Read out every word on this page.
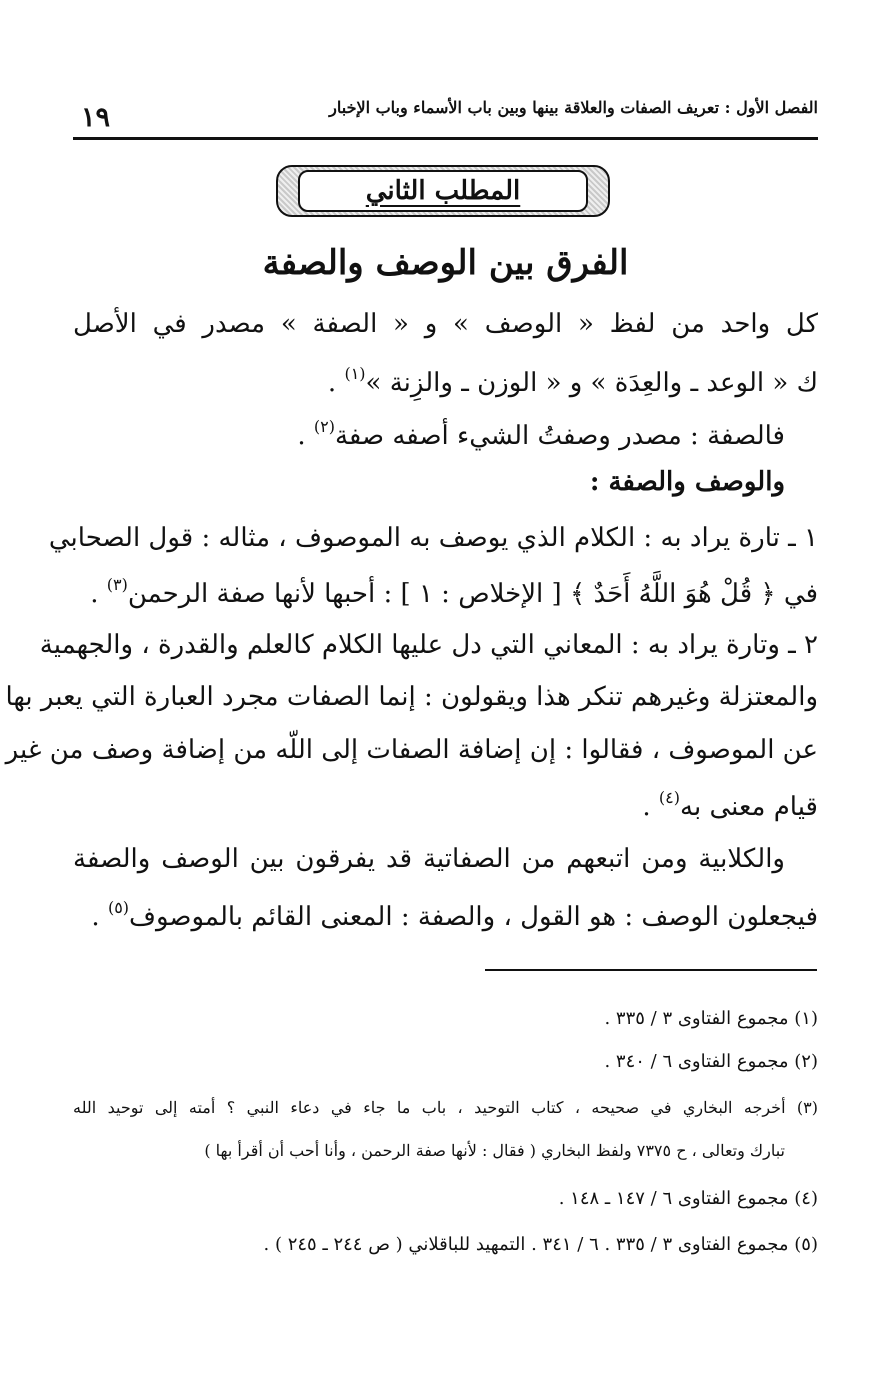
١٩	الفصل الأول : تعريف الصفات والعلاقة بينها وبين باب الأسماء وباب الإخبار
المطلب الثاني
الفرق بين الوصف والصفة
كل واحد من لفظ « الوصف » و « الصفة » مصدر في الأصل
ك « الوعد ـ والعِدَة » و « الوزن ـ والزِنة »$^{(١)}$ .
فالصفة : مصدر وصفتُ الشيء أصفه صفة$^{(٢)}$ .
والوصف والصفة :
١ ـ تارة يراد به : الكلام الذي يوصف به الموصوف ، مثاله : قول الصحابي
في ﴿ قُلْ هُوَ اللَّهُ أَحَدٌ ﴾ [ الإخلاص : ١ ] : أحبها لأنها صفة الرحمن$^{(٣)}$ .
٢ ـ وتارة يراد به : المعاني التي دل عليها الكلام كالعلم والقدرة ، والجهمية
والمعتزلة وغيرهم تنكر هذا ويقولون : إنما الصفات مجرد العبارة التي يعبر بها
عن الموصوف ، فقالوا : إن إضافة الصفات إلى اللّه من إضافة وصف من غير
قيام معنى به$^{(٤)}$ .
والكلابية ومن اتبعهم من الصفاتية قد يفرقون بين الوصف والصفة
فيجعلون الوصف : هو القول ، والصفة : المعنى القائم بالموصوف$^{(٥)}$ .
(١) مجموع الفتاوى ٣ / ٣٣٥ .
(٢) مجموع الفتاوى ٦ / ٣٤٠ .
(٣) أخرجه البخاري في صحيحه ، كتاب التوحيد ، باب ما جاء في دعاء النبي ؟ أمته إلى توحيد الله
تبارك وتعالى ، ح ٧٣٧٥ ولفظ البخاري ( فقال : لأنها صفة الرحمن ، وأنا أحب أن أقرأ بها )
(٤) مجموع الفتاوى ٦ / ١٤٧ ـ ١٤٨ .
(٥) مجموع الفتاوى ٣ / ٣٣٥ . ٦ / ٣٤١ . التمهيد للباقلاني ( ص ٢٤٤ ـ ٢٤٥ ) .
